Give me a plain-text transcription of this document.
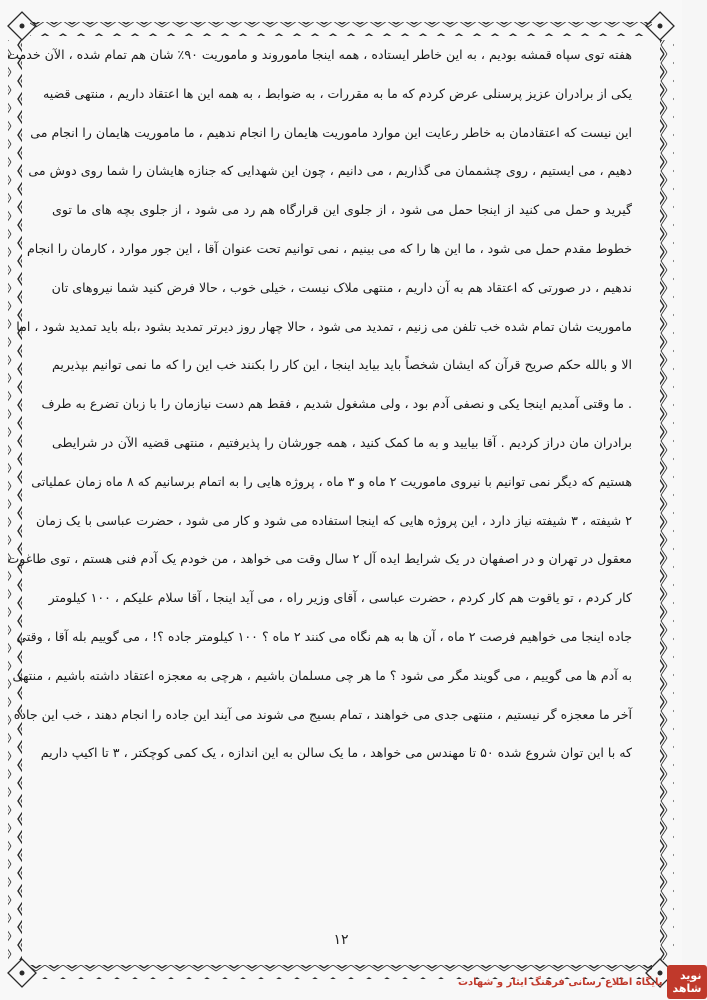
هفته توی سپاه قمشه بودیم ، به این خاطر ایستاده ، همه اینجا ماموروند و ماموریت ۹۰٪ شان هم تمام شده ، الآن خدمت
یکی از برادران عزیز پرسنلی عرض کردم که ما به مقررات ، به ضوابط ، به همه این ها اعتقاد داریم ، منتهی قضیه
این نیست که اعتقادمان به خاطر رعایت این موارد ماموریت هایمان را انجام ندهیم ، ما ماموریت هایمان را انجام می
دهیم ، می ایستیم ، روی چشممان می گذاریم ، می دانیم ، چون این شهدایی که جنازه هایشان را شما روی دوش می
گیرید و حمل می کنید از اینجا حمل می شود ، از جلوی این قرارگاه هم رد می شود ، از جلوی بچه های ما توی
خطوط مقدم حمل می شود ، ما این ها را که می بینیم ، نمی توانیم تحت عنوان آقا ، این جور موارد ، کارمان را انجام
ندهیم ، در صورتی که اعتقاد هم به آن داریم ، منتهی ملاک نیست ، خیلی خوب ، حالا فرض کنید شما نیروهای تان
ماموریت شان تمام شده خب تلفن می زنیم ، تمدید می شود ، حالا چهار روز دیرتر تمدید بشود ،بله باید تمدید شود ، اما
الا و بالله حکم صریح قرآن که ایشان شخصاً باید بیاید اینجا ، این کار را بکنند خب این را که ما نمی توانیم بپذیریم
. ما وقتی آمدیم اینجا یکی و نصفی آدم بود ، ولی مشغول شدیم ، فقط هم دست نیازمان را با زبان تضرع به طرف
برادران مان دراز کردیم . آقا بیایید و به ما کمک کنید ، همه جورشان را پذیرفتیم ، منتهی قضیه الآن در شرایطی
هستیم که دیگر نمی توانیم با نیروی ماموریت ۲ ماه و ۳ ماه ، پروژه هایی را به اتمام برسانیم که ۸ ماه زمان عملیاتی
۲ شیفته ، ۳ شیفته نیاز دارد ، این پروژه هایی که اینجا استفاده می شود و کار می شود ، حضرت عباسی با یک زمان
معقول در تهران و در اصفهان در یک شرایط ایده آل ۲ سال وقت می خواهد ، من خودم یک آدم فنی هستم ، توی طاغوت
کار کردم ، تو یاقوت هم کار کردم ، حضرت عباسی ، آقای وزیر راه ، می آید اینجا ، آقا سلام علیکم ، ۱۰۰ کیلومتر
جاده اینجا می خواهیم فرصت ۲ ماه ، آن ها به هم نگاه می کنند ۲ ماه ؟ ۱۰۰ کیلومتر جاده ؟! ، می گوییم بله آقا ، وقتی
به آدم ها می گوییم ، می گویند مگر می شود ؟ ما هر چی مسلمان باشیم ، هرچی به معجزه اعتقاد داشته باشیم ، منتهی
آخر ما معجزه گر نیستیم ، منتهی جدی می خواهند ، تمام بسیج می شوند می آیند این جاده را انجام دهند ، خب این جاده
که با این توان شروع شده ۵۰ تا مهندس می خواهد ، ما یک سالن به این اندازه ، یک کمی کوچکتر ، ۳ تا اکیپ داریم
۱۲
نوید شاهد
پایگاه اطلاع رسانی فرهنگ ایثار و شهادت
